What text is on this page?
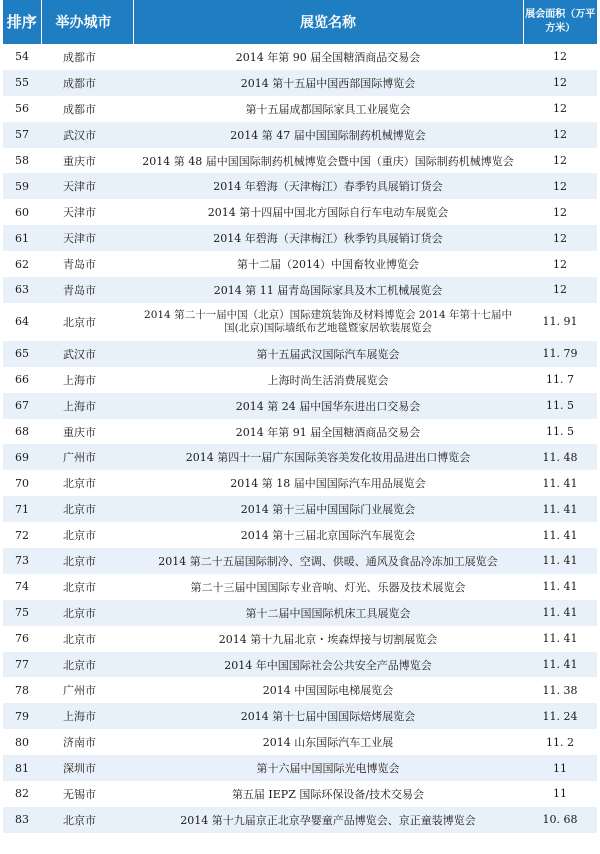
排序	举办城市	展览名称	展会面积（万平方米）
54	成都市	2014 年第 90 届全国糖酒商品交易会	12
55	成都市	2014 第十五届中国西部国际博览会	12
56	成都市	第十五届成都国际家具工业展览会	12
57	武汉市	2014 第 47 届中国国际制药机械博览会	12
58	重庆市	2014 第 48 届中国国际制药机械博览会暨中国（重庆）国际制药机械博览会	12
59	天津市	2014 年碧海（天津梅江）春季钓具展销订货会	12
60	天津市	2014 第十四届中国北方国际自行车电动车展览会	12
61	天津市	2014 年碧海（天津梅江）秋季钓具展销订货会	12
62	青岛市	第十二届（2014）中国畜牧业博览会	12
63	青岛市	2014 第 11 届青岛国际家具及木工机械展览会	12
64	北京市	2014 第二十一届中国（北京）国际建筑装饰及材料博览会 2014 年第十七届中国(北京)国际墙纸布艺地毯暨家居软装展览会	11. 91
65	武汉市	第十五届武汉国际汽车展览会	11. 79
66	上海市	上海时尚生活消费展览会	11. 7
67	上海市	2014 第 24 届中国华东进出口交易会	11. 5
68	重庆市	2014 年第 91 届全国糖酒商品交易会	11. 5
69	广州市	2014 第四十一届广东国际美容美发化妆用品进出口博览会	11. 48
70	北京市	2014 第 18 届中国国际汽车用品展览会	11. 41
71	北京市	2014 第十三届中国国际门业展览会	11. 41
72	北京市	2014 第十三届北京国际汽车展览会	11. 41
73	北京市	2014 第二十五届国际制冷、空调、供暖、通风及食品冷冻加工展览会	11. 41
74	北京市	第二十三届中国国际专业音响、灯光、乐器及技术展览会	11. 41
75	北京市	第十二届中国国际机床工具展览会	11. 41
76	北京市	2014 第十九届北京・埃森焊接与切割展览会	11. 41
77	北京市	2014 年中国国际社会公共安全产品博览会	11. 41
78	广州市	2014 中国国际电梯展览会	11. 38
79	上海市	2014 第十七届中国国际焙烤展览会	11. 24
80	济南市	2014 山东国际汽车工业展	11. 2
81	深圳市	第十六届中国国际光电博览会	11
82	无锡市	第五届 IEPZ 国际环保设备/技术交易会	11
83	北京市	2014 第十九届京正北京孕婴童产品博览会、京正童装博览会	10. 68
